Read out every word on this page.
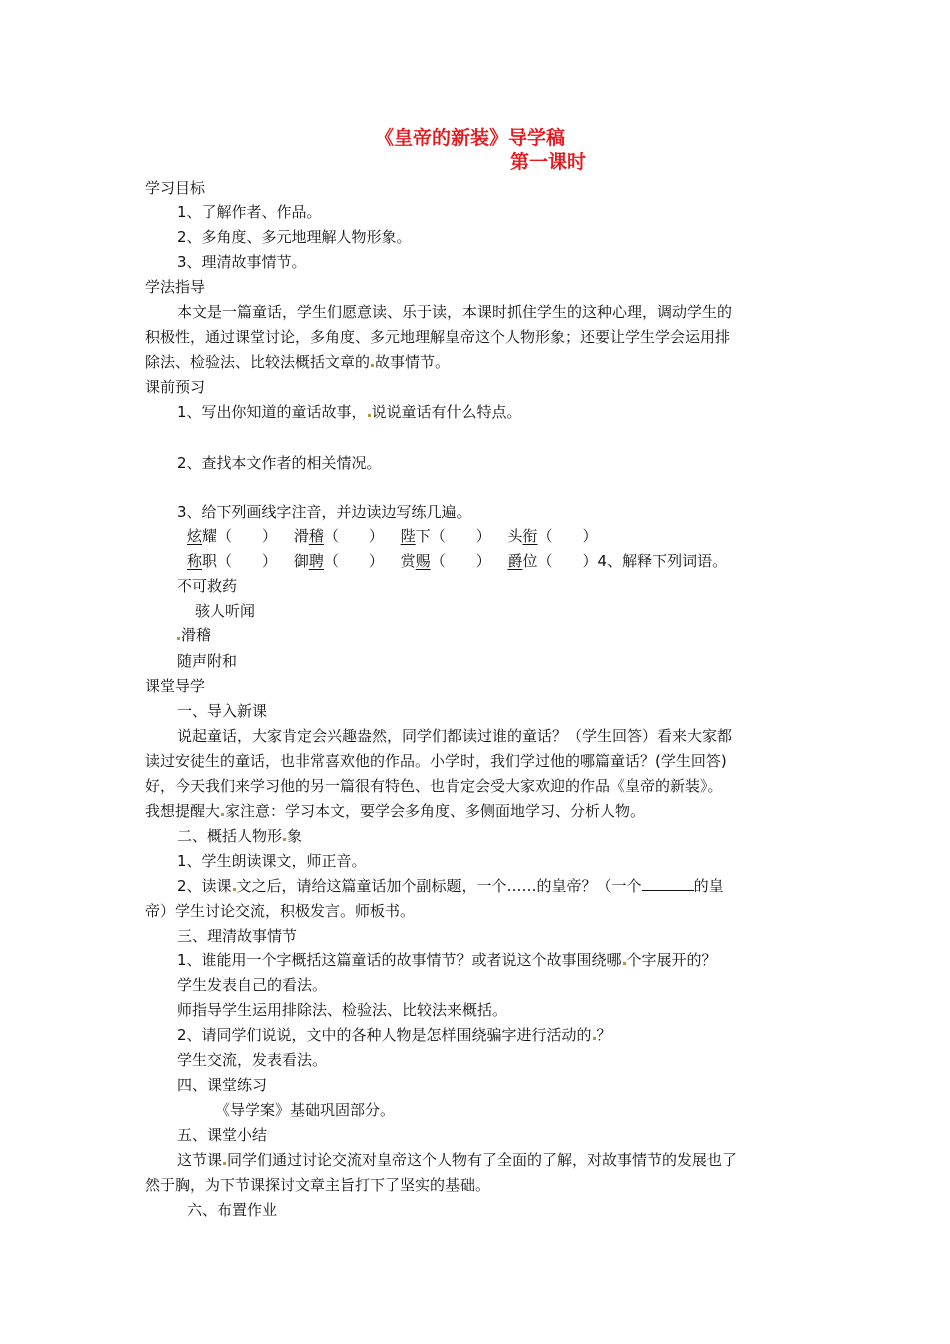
《皇帝的新装》导学稿
第一课时
学习目标
1、了解作者、作品。
2、多角度、多元地理解人物形象。
3、理清故事情节。
学法指导
本文是一篇童话，学生们愿意读、乐于读，本课时抓住学生的这种心理，调动学生的
积极性，通过课堂讨论，多角度、多元地理解皇帝这个人物形象；还要让学生学会运用排
除法、检验法、比较法概括文章的 故事情节。
课前预习
1、写出你知道的童话故事， 说说童话有什么特点。
2、查找本文作者的相关情况。
3、给下列画线字注音，并边读边写练几遍。
炫耀（　　） 滑稽（　　） 陛下（　　） 头衔（　　）
称职（　　） 御聘（　　） 赏赐（　　） 爵位（　　）4、解释下列词语。
不可救药
骇人听闻
滑稽
随声附和
课堂导学
一、导入新课
说起童话，大家肯定会兴趣盎然，同学们都读过谁的童话？（学生回答）看来大家都
读过安徒生的童话，也非常喜欢他的作品。小学时，我们学过他的哪篇童话？(学生回答)
好，今天我们来学习他的另一篇很有特色、也肯定会受大家欢迎的作品《皇帝的新装》。
我想提醒大 家注意：学习本文，要学会多角度、多侧面地学习、分析人物。
二、概括人物形 象
1、学生朗读课文，师正音。
2、读课 文之后，请给这篇童话加个副标题，一个……的皇帝？（一个	的皇
帝）学生讨论交流，积极发言。师板书。
三、理清故事情节
1、谁能用一个字概括这篇童话的故事情节？或者说这个故事围绕哪 个字展开的？
学生发表自己的看法。
师指导学生运用排除法、检验法、比较法来概括。
2、请同学们说说，文中的各种人物是怎样围绕骗字进行活动的 ？
学生交流，发表看法。
四、课堂练习
《导学案》基础巩固部分。
五、课堂小结
这节课 同学们通过讨论交流对皇帝这个人物有了全面的了解，对故事情节的发展也了
然于胸，为下节课探讨文章主旨打下了坚实的基础。
六、布置作业
